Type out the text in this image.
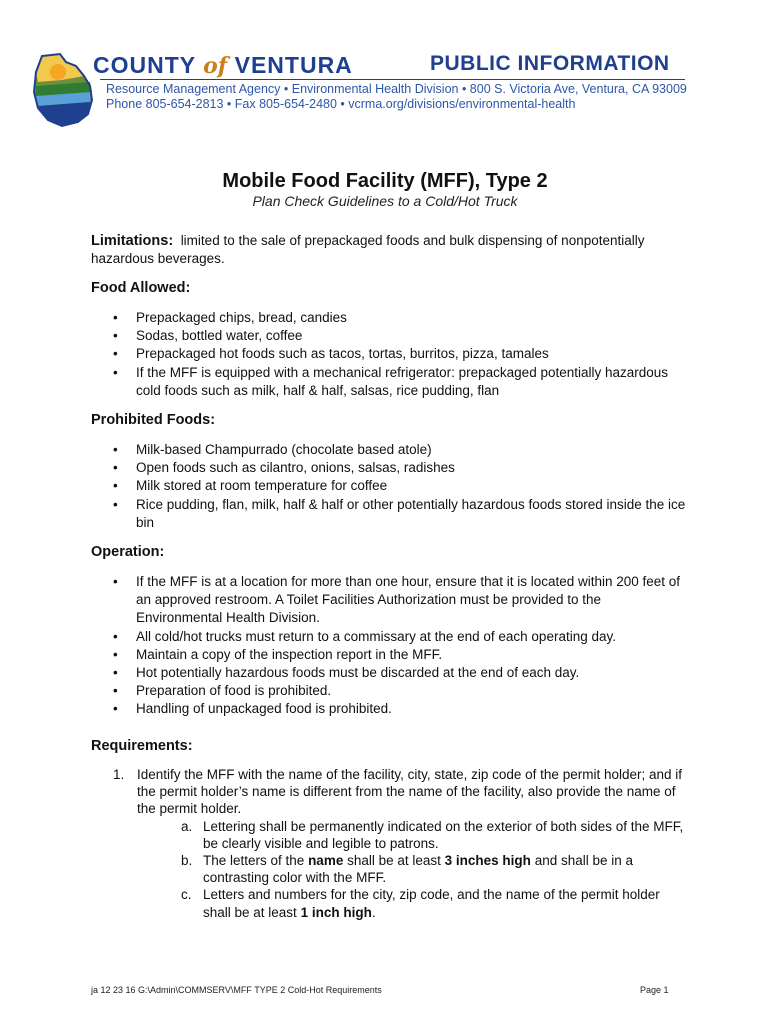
COUNTY of VENTURA	PUBLIC INFORMATION
Resource Management Agency • Environmental Health Division • 800 S. Victoria Ave, Ventura, CA 93009
Phone 805-654-2813 • Fax 805-654-2480 • vcrma.org/divisions/environmental-health
Mobile Food Facility (MFF), Type 2
Plan Check Guidelines to a Cold/Hot Truck
Limitations: limited to the sale of prepackaged foods and bulk dispensing of nonpotentially hazardous beverages.
Food Allowed:
• Prepackaged chips, bread, candies
• Sodas, bottled water, coffee
• Prepackaged hot foods such as tacos, tortas, burritos, pizza, tamales
• If the MFF is equipped with a mechanical refrigerator: prepackaged potentially hazardous cold foods such as milk, half & half, salsas, rice pudding, flan
Prohibited Foods:
• Milk-based Champurrado (chocolate based atole)
• Open foods such as cilantro, onions, salsas, radishes
• Milk stored at room temperature for coffee
• Rice pudding, flan, milk, half & half or other potentially hazardous foods stored inside the ice bin
Operation:
• If the MFF is at a location for more than one hour, ensure that it is located within 200 feet of an approved restroom. A Toilet Facilities Authorization must be provided to the Environmental Health Division.
• All cold/hot trucks must return to a commissary at the end of each operating day.
• Maintain a copy of the inspection report in the MFF.
• Hot potentially hazardous foods must be discarded at the end of each day.
• Preparation of food is prohibited.
• Handling of unpackaged food is prohibited.
Requirements:
1. Identify the MFF with the name of the facility, city, state, zip code of the permit holder; and if the permit holder’s name is different from the name of the facility, also provide the name of the permit holder.
a. Lettering shall be permanently indicated on the exterior of both sides of the MFF, be clearly visible and legible to patrons.
b. The letters of the name shall be at least 3 inches high and shall be in a contrasting color with the MFF.
c. Letters and numbers for the city, zip code, and the name of the permit holder shall be at least 1 inch high.
ja 12 23 16 G:\Admin\COMMSERV\MFF TYPE 2 Cold-Hot Requirements	Page 1
